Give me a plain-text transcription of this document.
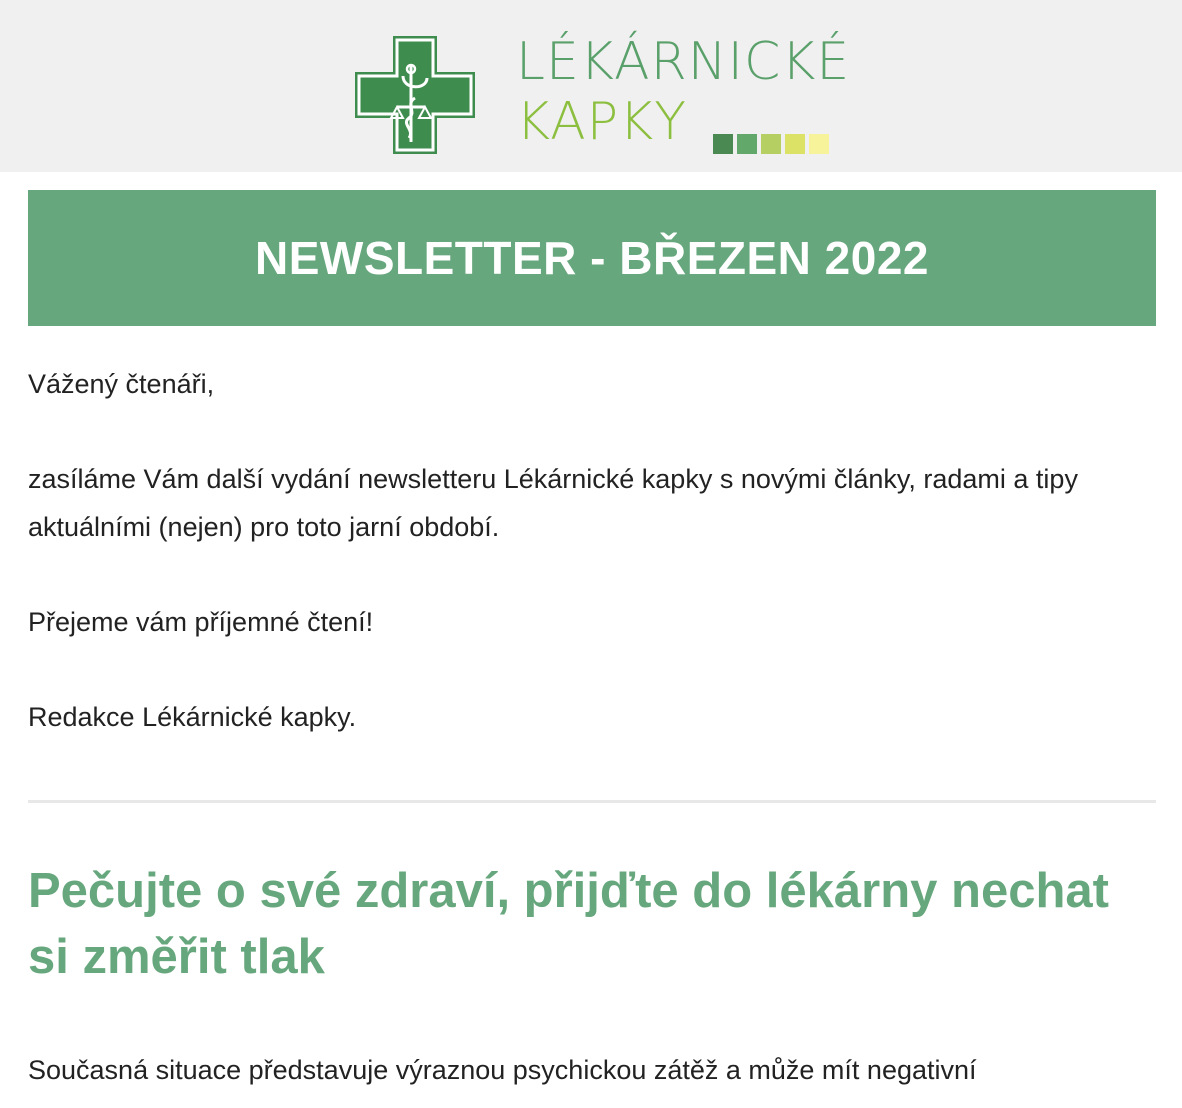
LÉKÁRNICKÉ
KAPKY
NEWSLETTER - BŘEZEN 2022

Vážený čtenáři,

zasíláme Vám další vydání newsletteru Lékárnické kapky s novými články, radami a tipy aktuálními (nejen) pro toto jarní období.

Přejeme vám příjemné čtení!

Redakce Lékárnické kapky.

Pečujte o své zdraví, přijďte do lékárny nechat si změřit tlak

Současná situace představuje výraznou psychickou zátěž a může mít negativní
